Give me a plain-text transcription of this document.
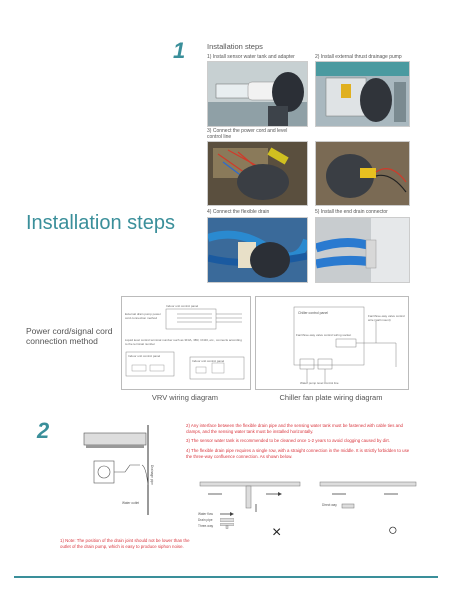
1	Installation steps
1) Install sensor water tank and adapter	2) Install external thrust drainage pump
3) Connect the power cord and level control line
4) Connect the flexible drain	5) Install the end drain connector
Installation steps
Power cord/signal cord connection method
Indoor unit control panel
External drain pump power cord connection method
Liquid level control terminal number such as 3F3A, 3B3, CN40, etc., connects according to the terminal number
Indoor unit control panel
Indoor unit control panel
VRV wiring diagram
Chiller control panel
Fan/three-way valve control wire (wall mount)
Fan/three-way valve control wiring socket
Water pump level control line
Chiller fan plate wiring diagram
2
Water outlet
Drainage pipe
2) Any interface between the flexible drain pipe and the sensing water tank must be fastened with cable ties and clamps, and the sensing water tank must be installed horizontally.
3) The sensor water tank is recommended to be cleaned once 1-2 years to avoid clogging caused by dirt.
4) The flexible drain pipe requires a single row, with a straight connection in the middle. It is strictly forbidden to use the three-way confluence connection. As shown below.
Direct way
Water flow
Drain pipe
Three-way	×	○
1) Note: The position of the drain joint should not be lower than the outlet of the drain pump, which is easy to produce siphon noise.
